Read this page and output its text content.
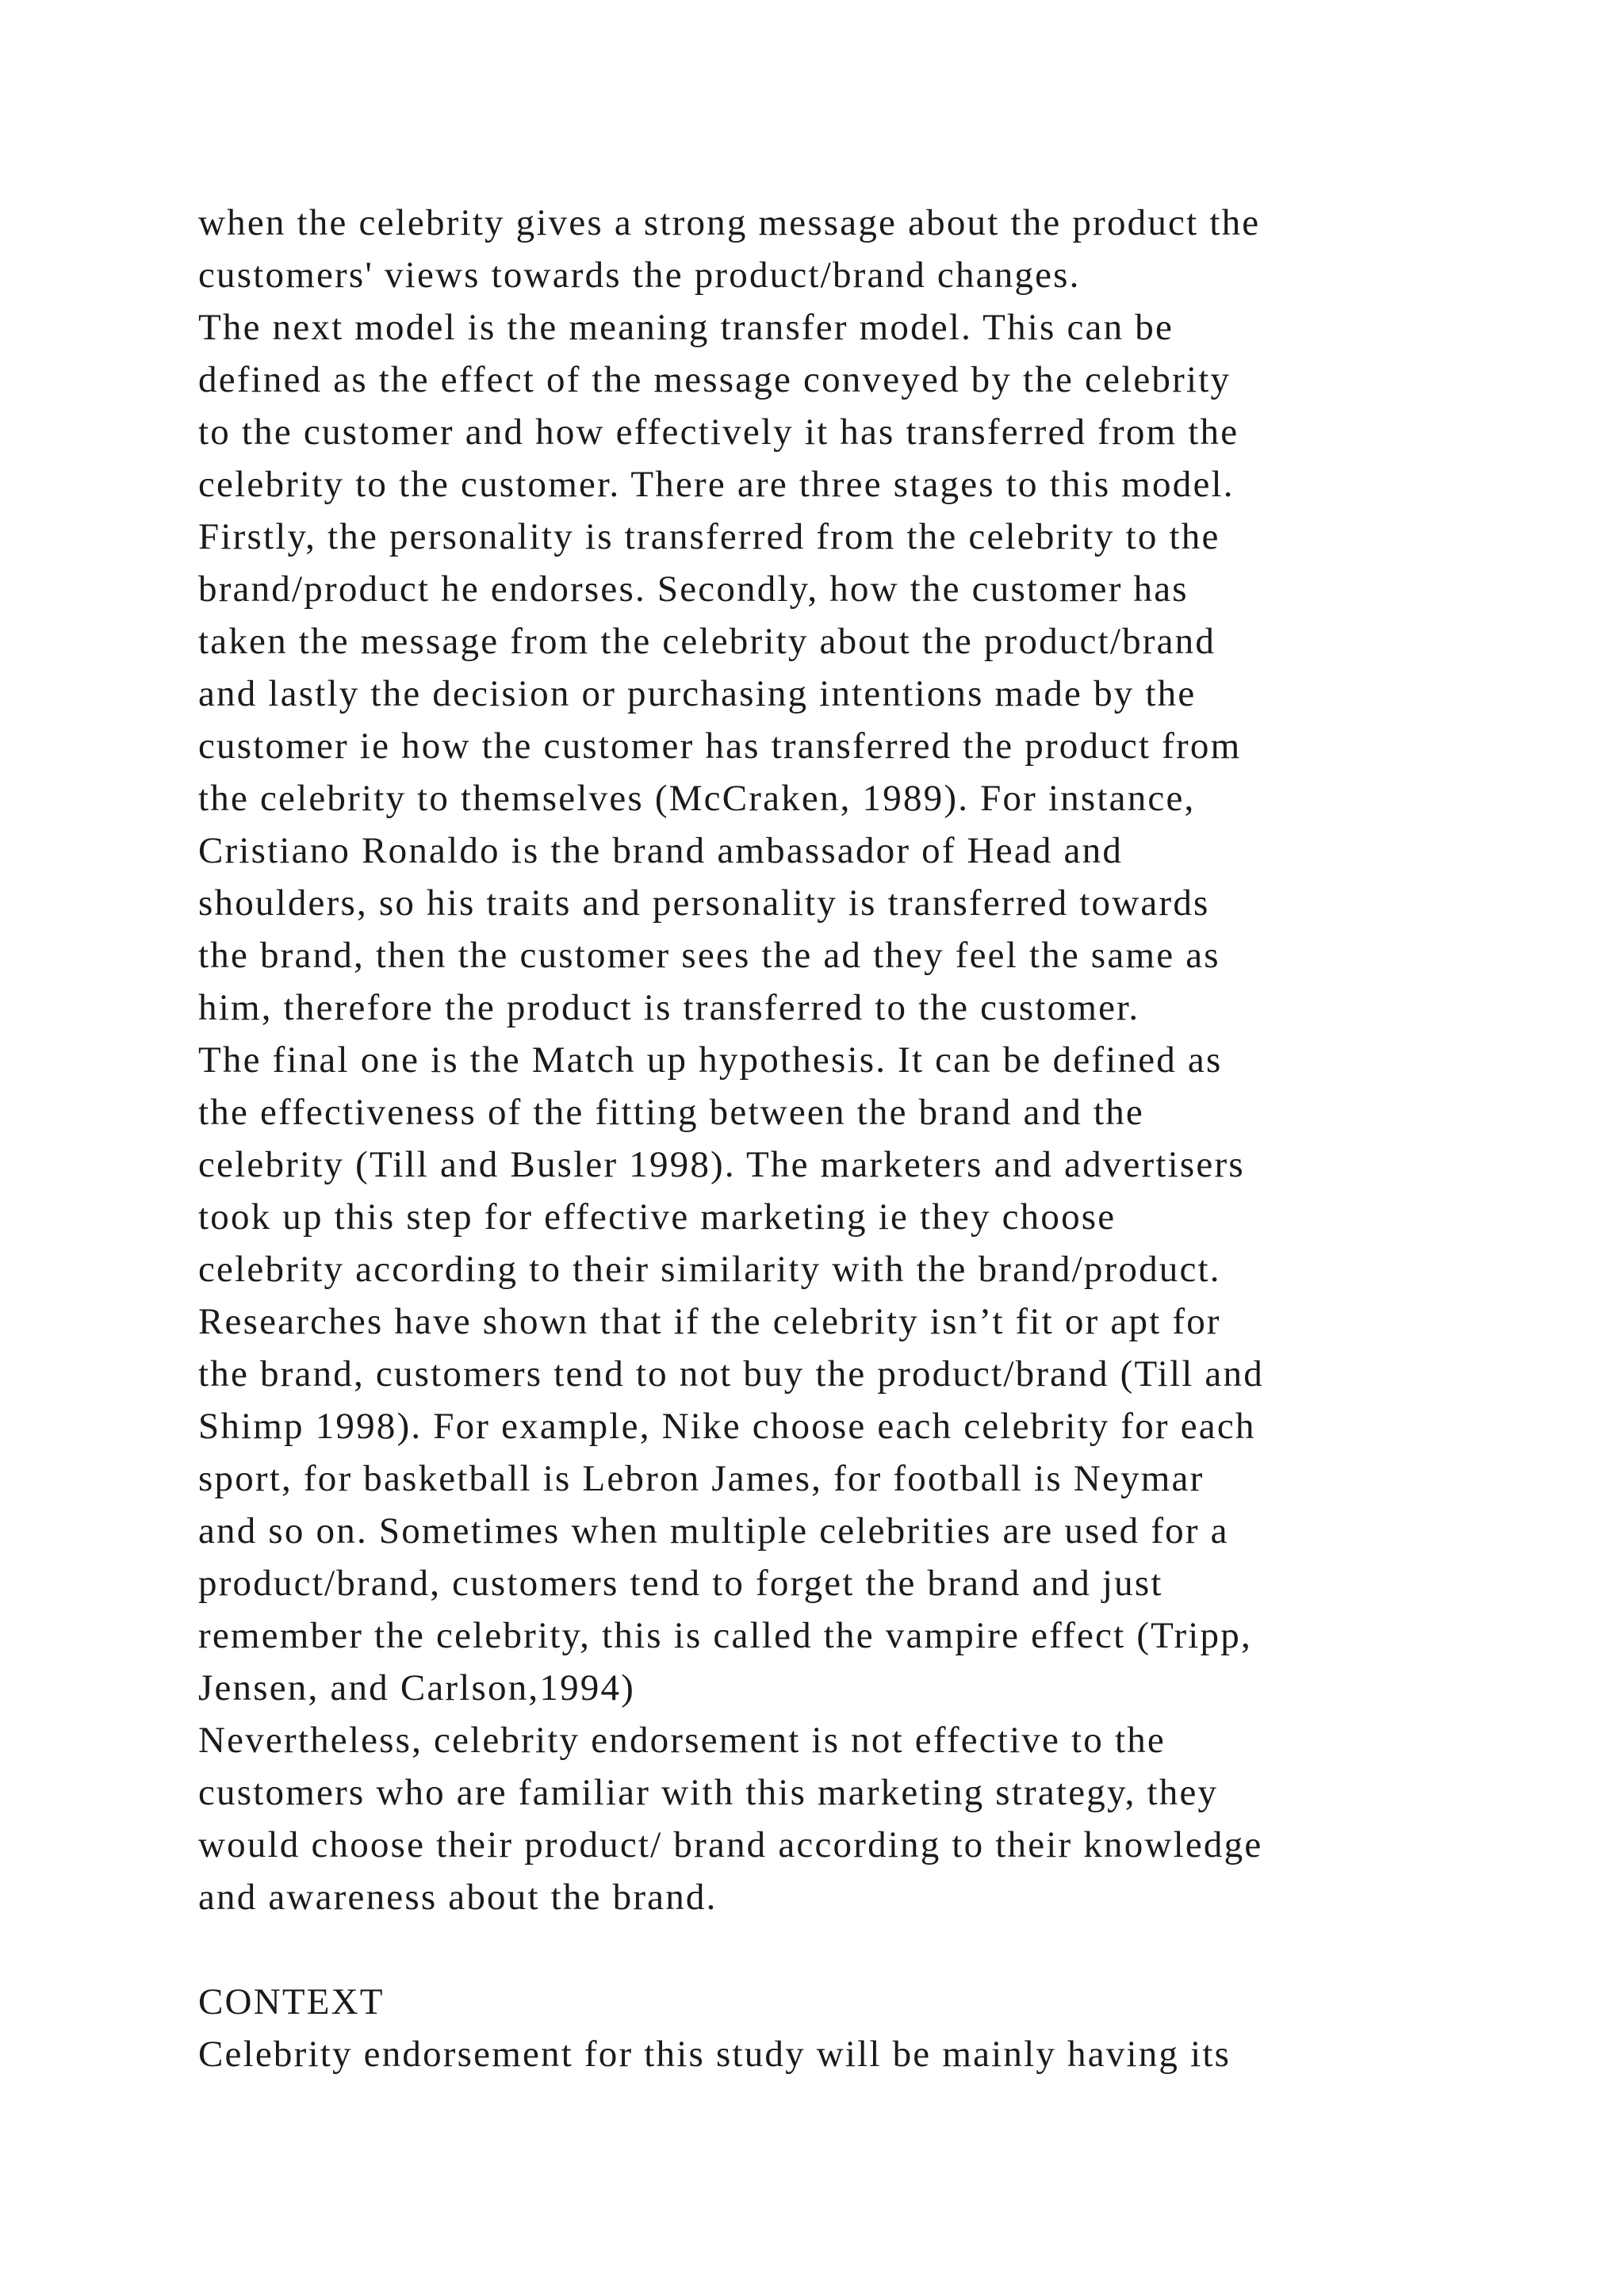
when the celebrity gives a strong message about the product the
customers' views towards the product/brand changes.
The next model is the meaning transfer model. This can be
defined as the effect of the message conveyed by the celebrity
to the customer and how effectively it has transferred from the
celebrity to the customer. There are three stages to this model.
Firstly, the personality is transferred from the celebrity to the
brand/product he endorses. Secondly, how the customer has
taken the message from the celebrity about the product/brand
and lastly the decision or purchasing intentions made by the
customer ie how the customer has transferred the product from
the celebrity to themselves (McCraken, 1989). For instance,
Cristiano Ronaldo is the brand ambassador of Head and
shoulders, so his traits and personality is transferred towards
the brand, then the customer sees the ad they feel the same as
him, therefore the product is transferred to the customer.
The final one is the Match up hypothesis. It can be defined as
the effectiveness of the fitting between the brand and the
celebrity (Till and Busler 1998). The marketers and advertisers
took up this step for effective marketing ie they choose
celebrity according to their similarity with the brand/product.
Researches have shown that if the celebrity isn’t fit or apt for
the brand, customers tend to not buy the product/brand (Till and
Shimp 1998). For example, Nike choose each celebrity for each
sport, for basketball is Lebron James, for football is Neymar
and so on. Sometimes when multiple celebrities are used for a
product/brand, customers tend to forget the brand and just
remember the celebrity, this is called the vampire effect (Tripp,
Jensen, and Carlson,1994)
Nevertheless, celebrity endorsement is not effective to the
customers who are familiar with this marketing strategy, they
would choose their product/ brand according to their knowledge
and awareness about the brand.
CONTEXT
Celebrity endorsement for this study will be mainly having its
